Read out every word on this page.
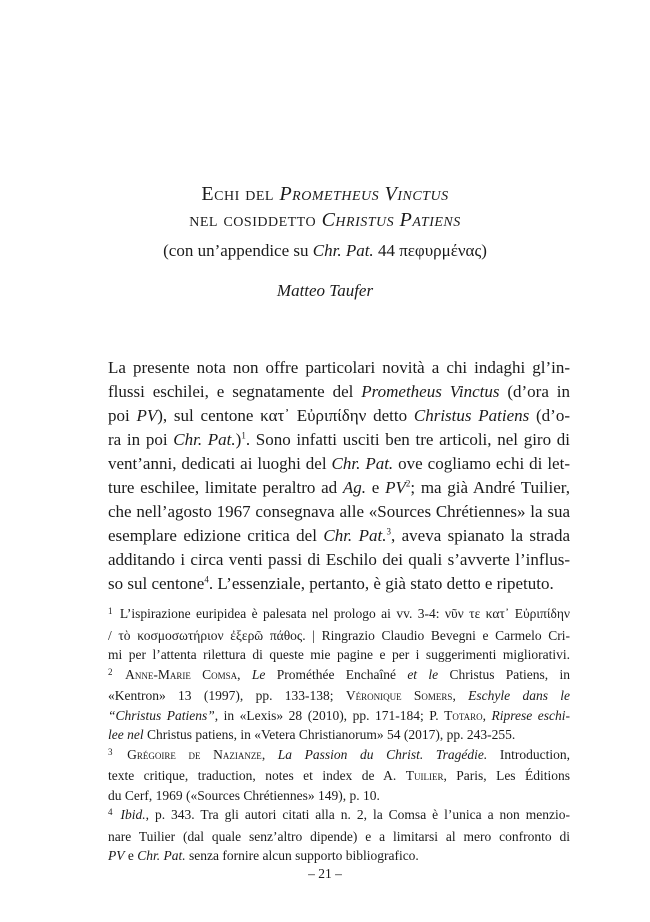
Echi del Prometheus Vinctus
nel cosiddetto Christus Patiens
(con un’appendice su Chr. Pat. 44 πεφυρμένας)
Matteo Taufer
La presente nota non offre particolari novità a chi indaghi gl’in-
flussi eschilei, e segnatamente del Prometheus Vinctus (d’ora in
poi PV), sul centone κατ᾽ Εὐριπίδην detto Christus Patiens (d’o-
ra in poi Chr. Pat.)$^1$. Sono infatti usciti ben tre articoli, nel giro di
vent’anni, dedicati ai luoghi del Chr. Pat. ove cogliamo echi di let-
ture eschilee, limitate peraltro ad Ag. e $PV^2$; ma già André Tuilier,
che nell’agosto 1967 consegnava alle «Sources Chrétiennes» la sua
esemplare edizione critica del Chr. Pat.$^3$, aveva spianato la strada
additando i circa venti passi di Eschilo dei quali s’avverte l’influs-
so sul centone$^4$. L’essenziale, pertanto, è già stato detto e ripetuto.
$^1$ L’ispirazione euripidea è palesata nel prologo ai vv. 3-4: νῦν τε κατ᾽ Εὐριπίδην
/ τὸ κοσμοσωτήριον ἐξερῶ πάθος. | Ringrazio Claudio Bevegni e Carmelo Cri-
mi per l’attenta rilettura di queste mie pagine e per i suggerimenti migliorativi.
$^2$ Anne-Marie Comsa, Le Prométhée Enchaîné et le Christus Patiens, in
«Kentron» 13 (1997), pp. 133-138; Véronique Somers, Eschyle dans le
“Christus Patiens”, in «Lexis» 28 (2010), pp. 171-184; P. Totaro, Riprese eschi-
lee nel Christus patiens, in «Vetera Christianorum» 54 (2017), pp. 243-255.
$^3$ Grégoire de Nazianze, La Passion du Christ. Tragédie. Introduction,
texte critique, traduction, notes et index de A. Tuilier, Paris, Les Éditions
du Cerf, 1969 («Sources Chrétiennes» 149), p. 10.
$^4$ Ibid., p. 343. Tra gli autori citati alla n. 2, la Comsa è l’unica a non menzio-
nare Tuilier (dal quale senz’altro dipende) e a limitarsi al mero confronto di
PV e Chr. Pat. senza fornire alcun supporto bibliografico.
– 21 –
